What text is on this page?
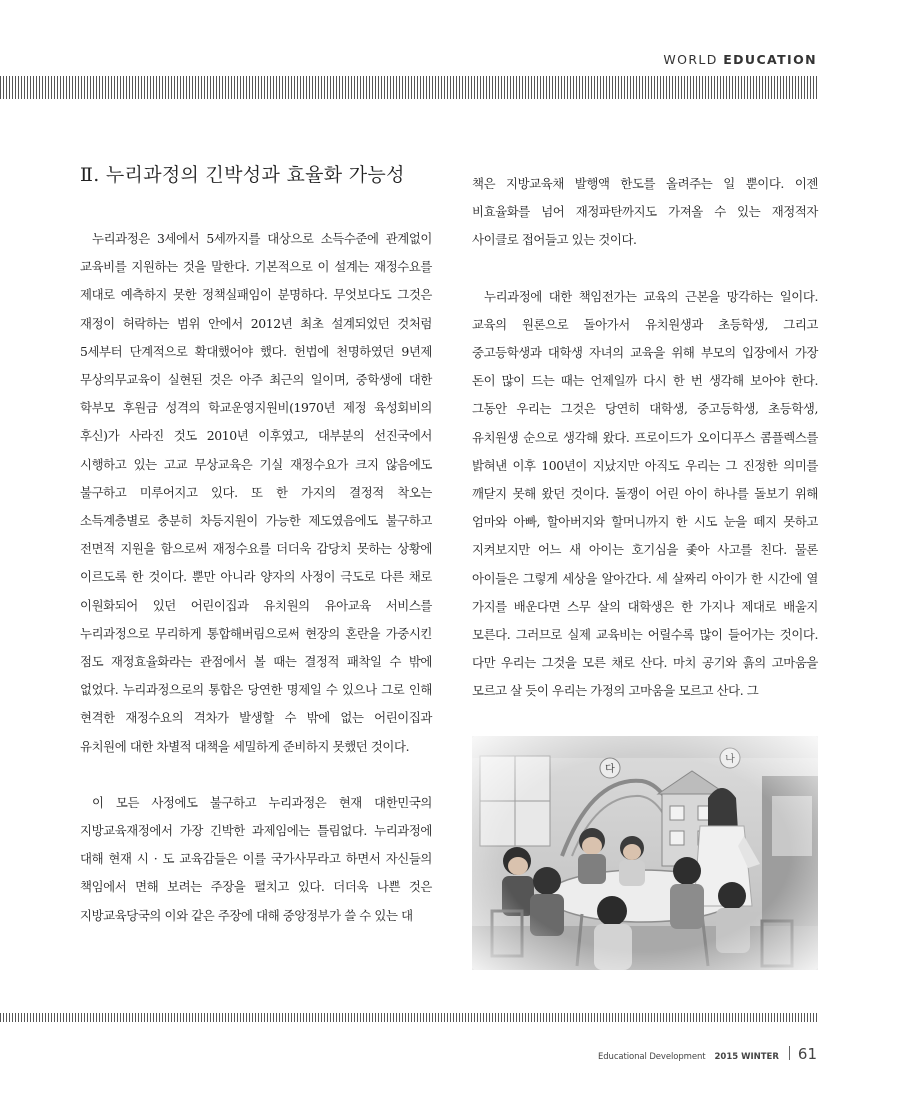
WORLD EDUCATION
Ⅱ. 누리과정의 긴박성과 효율화 가능성

누리과정은 3세에서 5세까지를 대상으로 소득수준에 관계없이 교육비를 지원하는 것을 말한다. 기본적으로 이 설계는 재정수요를 제대로 예측하지 못한 정책실패임이 분명하다. 무엇보다도 그것은 재정이 허락하는 범위 안에서 2012년 최초 설계되었던 것처럼 5세부터 단계적으로 확대했어야 했다. 헌법에 천명하였던 9년제 무상의무교육이 실현된 것은 아주 최근의 일이며, 중학생에 대한 학부모 후원금 성격의 학교운영지원비(1970년 제정 육성회비의 후신)가 사라진 것도 2010년 이후였고, 대부분의 선진국에서 시행하고 있는 고교 무상교육은 기실 재정수요가 크지 않음에도 불구하고 미루어지고 있다. 또 한 가지의 결정적 착오는 소득계층별로 충분히 차등지원이 가능한 제도였음에도 불구하고 전면적 지원을 함으로써 재정수요를 더더욱 감당치 못하는 상황에 이르도록 한 것이다. 뿐만 아니라 양자의 사정이 극도로 다른 채로 이원화되어 있던 어린이집과 유치원의 유아교육 서비스를 누리과정으로 무리하게 통합해버림으로써 현장의 혼란을 가중시킨 점도 재정효율화라는 관점에서 볼 때는 결정적 패착일 수 밖에 없었다. 누리과정으로의 통합은 당연한 명제일 수 있으나 그로 인해 현격한 재정수요의 격차가 발생할 수 밖에 없는 어린이집과 유치원에 대한 차별적 대책을 세밀하게 준비하지 못했던 것이다.

이 모든 사정에도 불구하고 누리과정은 현재 대한민국의 지방교육재정에서 가장 긴박한 과제임에는 틀림없다. 누리과정에 대해 현재 시 · 도 교육감들은 이를 국가사무라고 하면서 자신들의 책임에서 면해 보려는 주장을 펼치고 있다. 더더욱 나쁜 것은 지방교육당국의 이와 같은 주장에 대해 중앙정부가 쓸 수 있는 대

책은 지방교육채 발행액 한도를 올려주는 일 뿐이다. 이젠 비효율화를 넘어 재정파탄까지도 가져올 수 있는 재정적자 사이클로 접어들고 있는 것이다.

누리과정에 대한 책임전가는 교육의 근본을 망각하는 일이다. 교육의 원론으로 돌아가서 유치원생과 초등학생, 그리고 중고등학생과 대학생 자녀의 교육을 위해 부모의 입장에서 가장 돈이 많이 드는 때는 언제일까 다시 한 번 생각해 보아야 한다. 그동안 우리는 그것은 당연히 대학생, 중고등학생, 초등학생, 유치원생 순으로 생각해 왔다. 프로이드가 오이디푸스 콤플렉스를 밝혀낸 이후 100년이 지났지만 아직도 우리는 그 진정한 의미를 깨닫지 못해 왔던 것이다. 돌쟁이 어린 아이 하나를 돌보기 위해 엄마와 아빠, 할아버지와 할머니까지 한 시도 눈을 떼지 못하고 지켜보지만 어느 새 아이는 호기심을 좇아 사고를 친다. 물론 아이들은 그렇게 세상을 알아간다. 세 살짜리 아이가 한 시간에 열 가지를 배운다면 스무 살의 대학생은 한 가지나 제대로 배울지 모른다. 그러므로 실제 교육비는 어릴수록 많이 들어가는 것이다. 다만 우리는 그것을 모른 채로 산다. 마치 공기와 흙의 고마움을 모르고 살 듯이 우리는 가정의 고마움을 모르고 산다. 그

Educational Development 2015 WINTER 61
